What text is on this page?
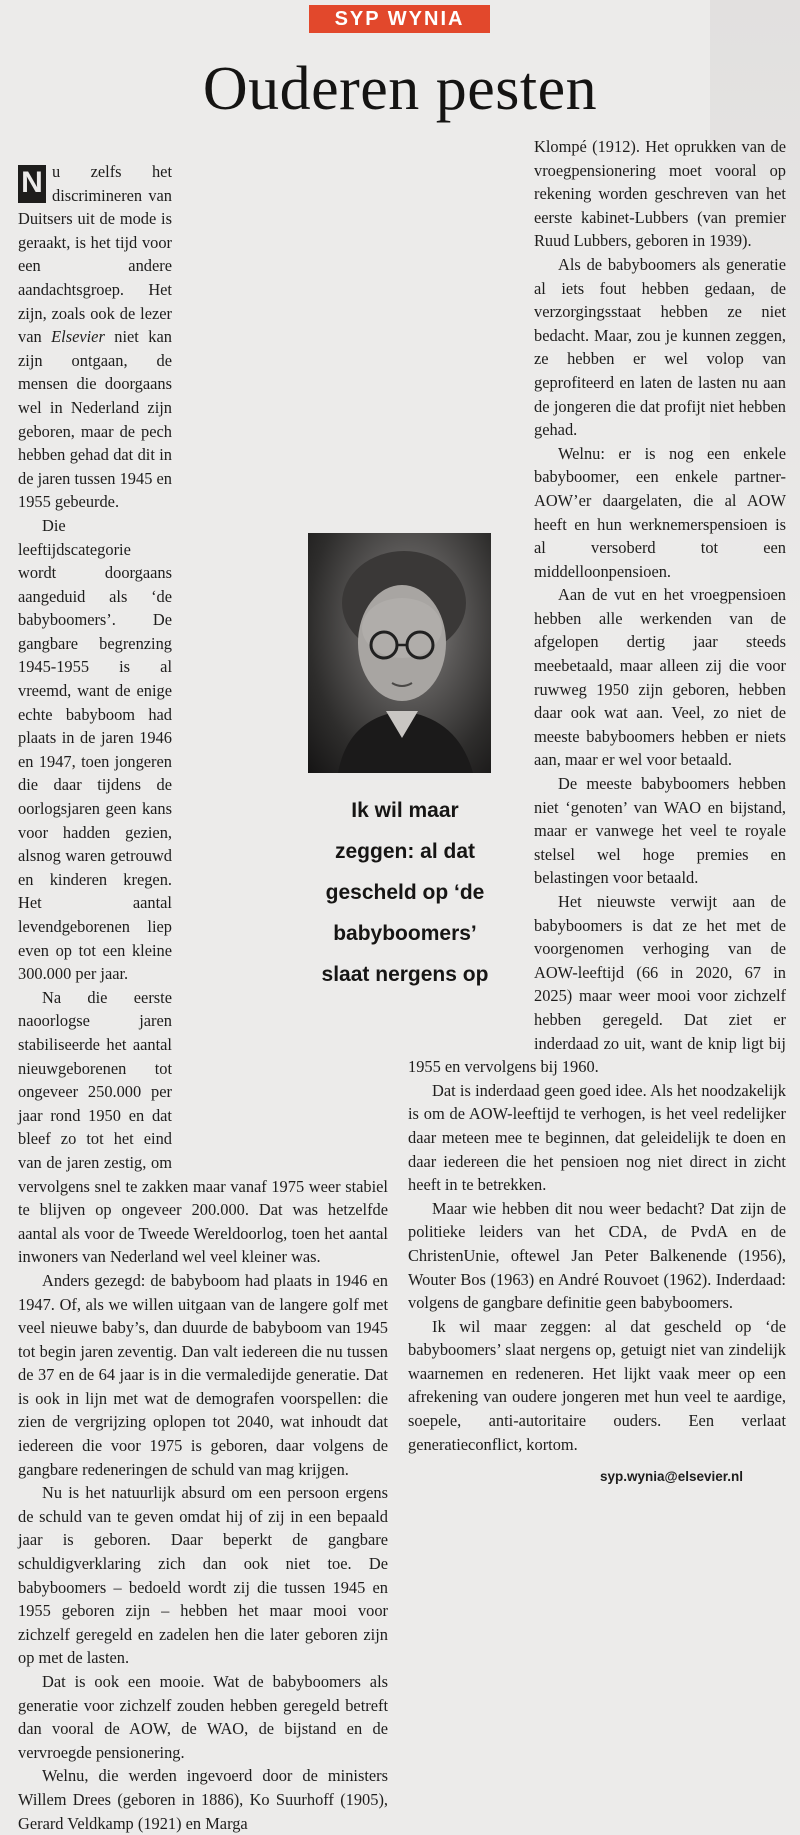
SYP WYNIA
Ouderen pesten

N u zelfs het discrimineren van Duitsers uit de mode is geraakt, is het tijd voor een andere aandachtsgroep. Het zijn, zoals ook de lezer van Elsevier niet kan zijn ontgaan, de mensen die doorgaans wel in Nederland zijn geboren, maar de pech hebben gehad dat dit in de jaren tussen 1945 en 1955 gebeurde.

Die leeftijdscategorie wordt doorgaans aangeduid als ‘de babyboomers’. De gangbare begrenzing 1945-1955 is al vreemd, want de enige echte babyboom had plaats in de jaren 1946 en 1947, toen jongeren die daar tijdens de oorlogsjaren geen kans voor hadden gezien, alsnog waren getrouwd en kinderen kregen. Het aantal levendgeborenen liep even op tot een kleine 300.000 per jaar.

Na die eerste naoorlogse jaren stabiliseerde het aantal nieuwgeborenen tot ongeveer 250.000 per jaar rond 1950 en dat bleef zo tot het eind van de jaren zestig, om vervolgens snel te zakken maar vanaf 1975 weer stabiel te blijven op ongeveer 200.000. Dat was hetzelfde aantal als voor de Tweede Wereldoorlog, toen het aantal inwoners van Nederland wel veel kleiner was.

Anders gezegd: de babyboom had plaats in 1946 en 1947. Of, als we willen uitgaan van de langere golf met veel nieuwe baby’s, dan duurde de babyboom van 1945 tot begin jaren zeventig. Dan valt iedereen die nu tussen de 37 en de 64 jaar is in die vermaledijde generatie. Dat is ook in lijn met wat de demografen voorspellen: die zien de vergrijzing oplopen tot 2040, wat inhoudt dat iedereen die voor 1975 is geboren, daar volgens de gangbare redeneringen de schuld van mag krijgen.

Nu is het natuurlijk absurd om een persoon ergens de schuld van te geven omdat hij of zij in een bepaald jaar is geboren. Daar beperkt de gangbare schuldigverklaring zich dan ook niet toe. De babyboomers – bedoeld wordt zij die tussen 1945 en 1955 geboren zijn – hebben het maar mooi voor zichzelf geregeld en zadelen hen die later geboren zijn op met de lasten.

Dat is ook een mooie. Wat de babyboomers als generatie voor zichzelf zouden hebben geregeld betreft dan vooral de AOW, de WAO, de bijstand en de vervroegde pensionering.

Welnu, die werden ingevoerd door de ministers Willem Drees (geboren in 1886), Ko Suurhoff (1905), Gerard Veldkamp (1921) en Marga

Klompé (1912). Het oprukken van de vroegpensionering moet vooral op rekening worden geschreven van het eerste kabinet-Lubbers (van premier Ruud Lubbers, geboren in 1939).

Als de babyboomers als generatie al iets fout hebben gedaan, de verzorgingsstaat hebben ze niet bedacht. Maar, zou je kunnen zeggen, ze hebben er wel volop van geprofiteerd en laten de lasten nu aan de jongeren die dat profijt niet hebben gehad.

Welnu: er is nog een enkele babyboomer, een enkele partner-AOW’er daargelaten, die al AOW heeft en hun werknemerspensioen is al versoberd tot een middelloonpensioen.

Aan de vut en het vroegpensioen hebben alle werkenden van de afgelopen dertig jaar steeds meebetaald, maar alleen zij die voor ruwweg 1950 zijn geboren, hebben daar ook wat aan. Veel, zo niet de meeste babyboomers hebben er niets aan, maar er wel voor betaald.

De meeste babyboomers hebben niet ‘genoten’ van WAO en bijstand, maar er vanwege het veel te royale stelsel wel hoge premies en belastingen voor betaald.

Het nieuwste verwijt aan de babyboomers is dat ze het met de voorgenomen verhoging van de AOW-leeftijd (66 in 2020, 67 in 2025) maar weer mooi voor zichzelf hebben geregeld. Dat ziet er inderdaad zo uit, want de knip ligt bij 1955 en vervolgens bij 1960.

Dat is inderdaad geen goed idee. Als het noodzakelijk is om de AOW-leeftijd te verhogen, is het veel redelijker daar meteen mee te beginnen, dat geleidelijk te doen en daar iedereen die het pensioen nog niet direct in zicht heeft in te betrekken.

Maar wie hebben dit nou weer bedacht? Dat zijn de politieke leiders van het CDA, de PvdA en de ChristenUnie, oftewel Jan Peter Balkenende (1956), Wouter Bos (1963) en André Rouvoet (1962). Inderdaad: volgens de gangbare definitie geen babyboomers.

Ik wil maar zeggen: al dat gescheld op ‘de babyboomers’ slaat nergens op, getuigt niet van zindelijk waarnemen en redeneren. Het lijkt vaak meer op een afrekening van oudere jongeren met hun veel te aardige, soepele, anti-autoritaire ouders. Een verlaat generatieconflict, kortom.

Ik wil maar
zeggen: al dat
gescheld op ‘de
babyboomers’
slaat nergens op
syp.wynia@elsevier.nl
